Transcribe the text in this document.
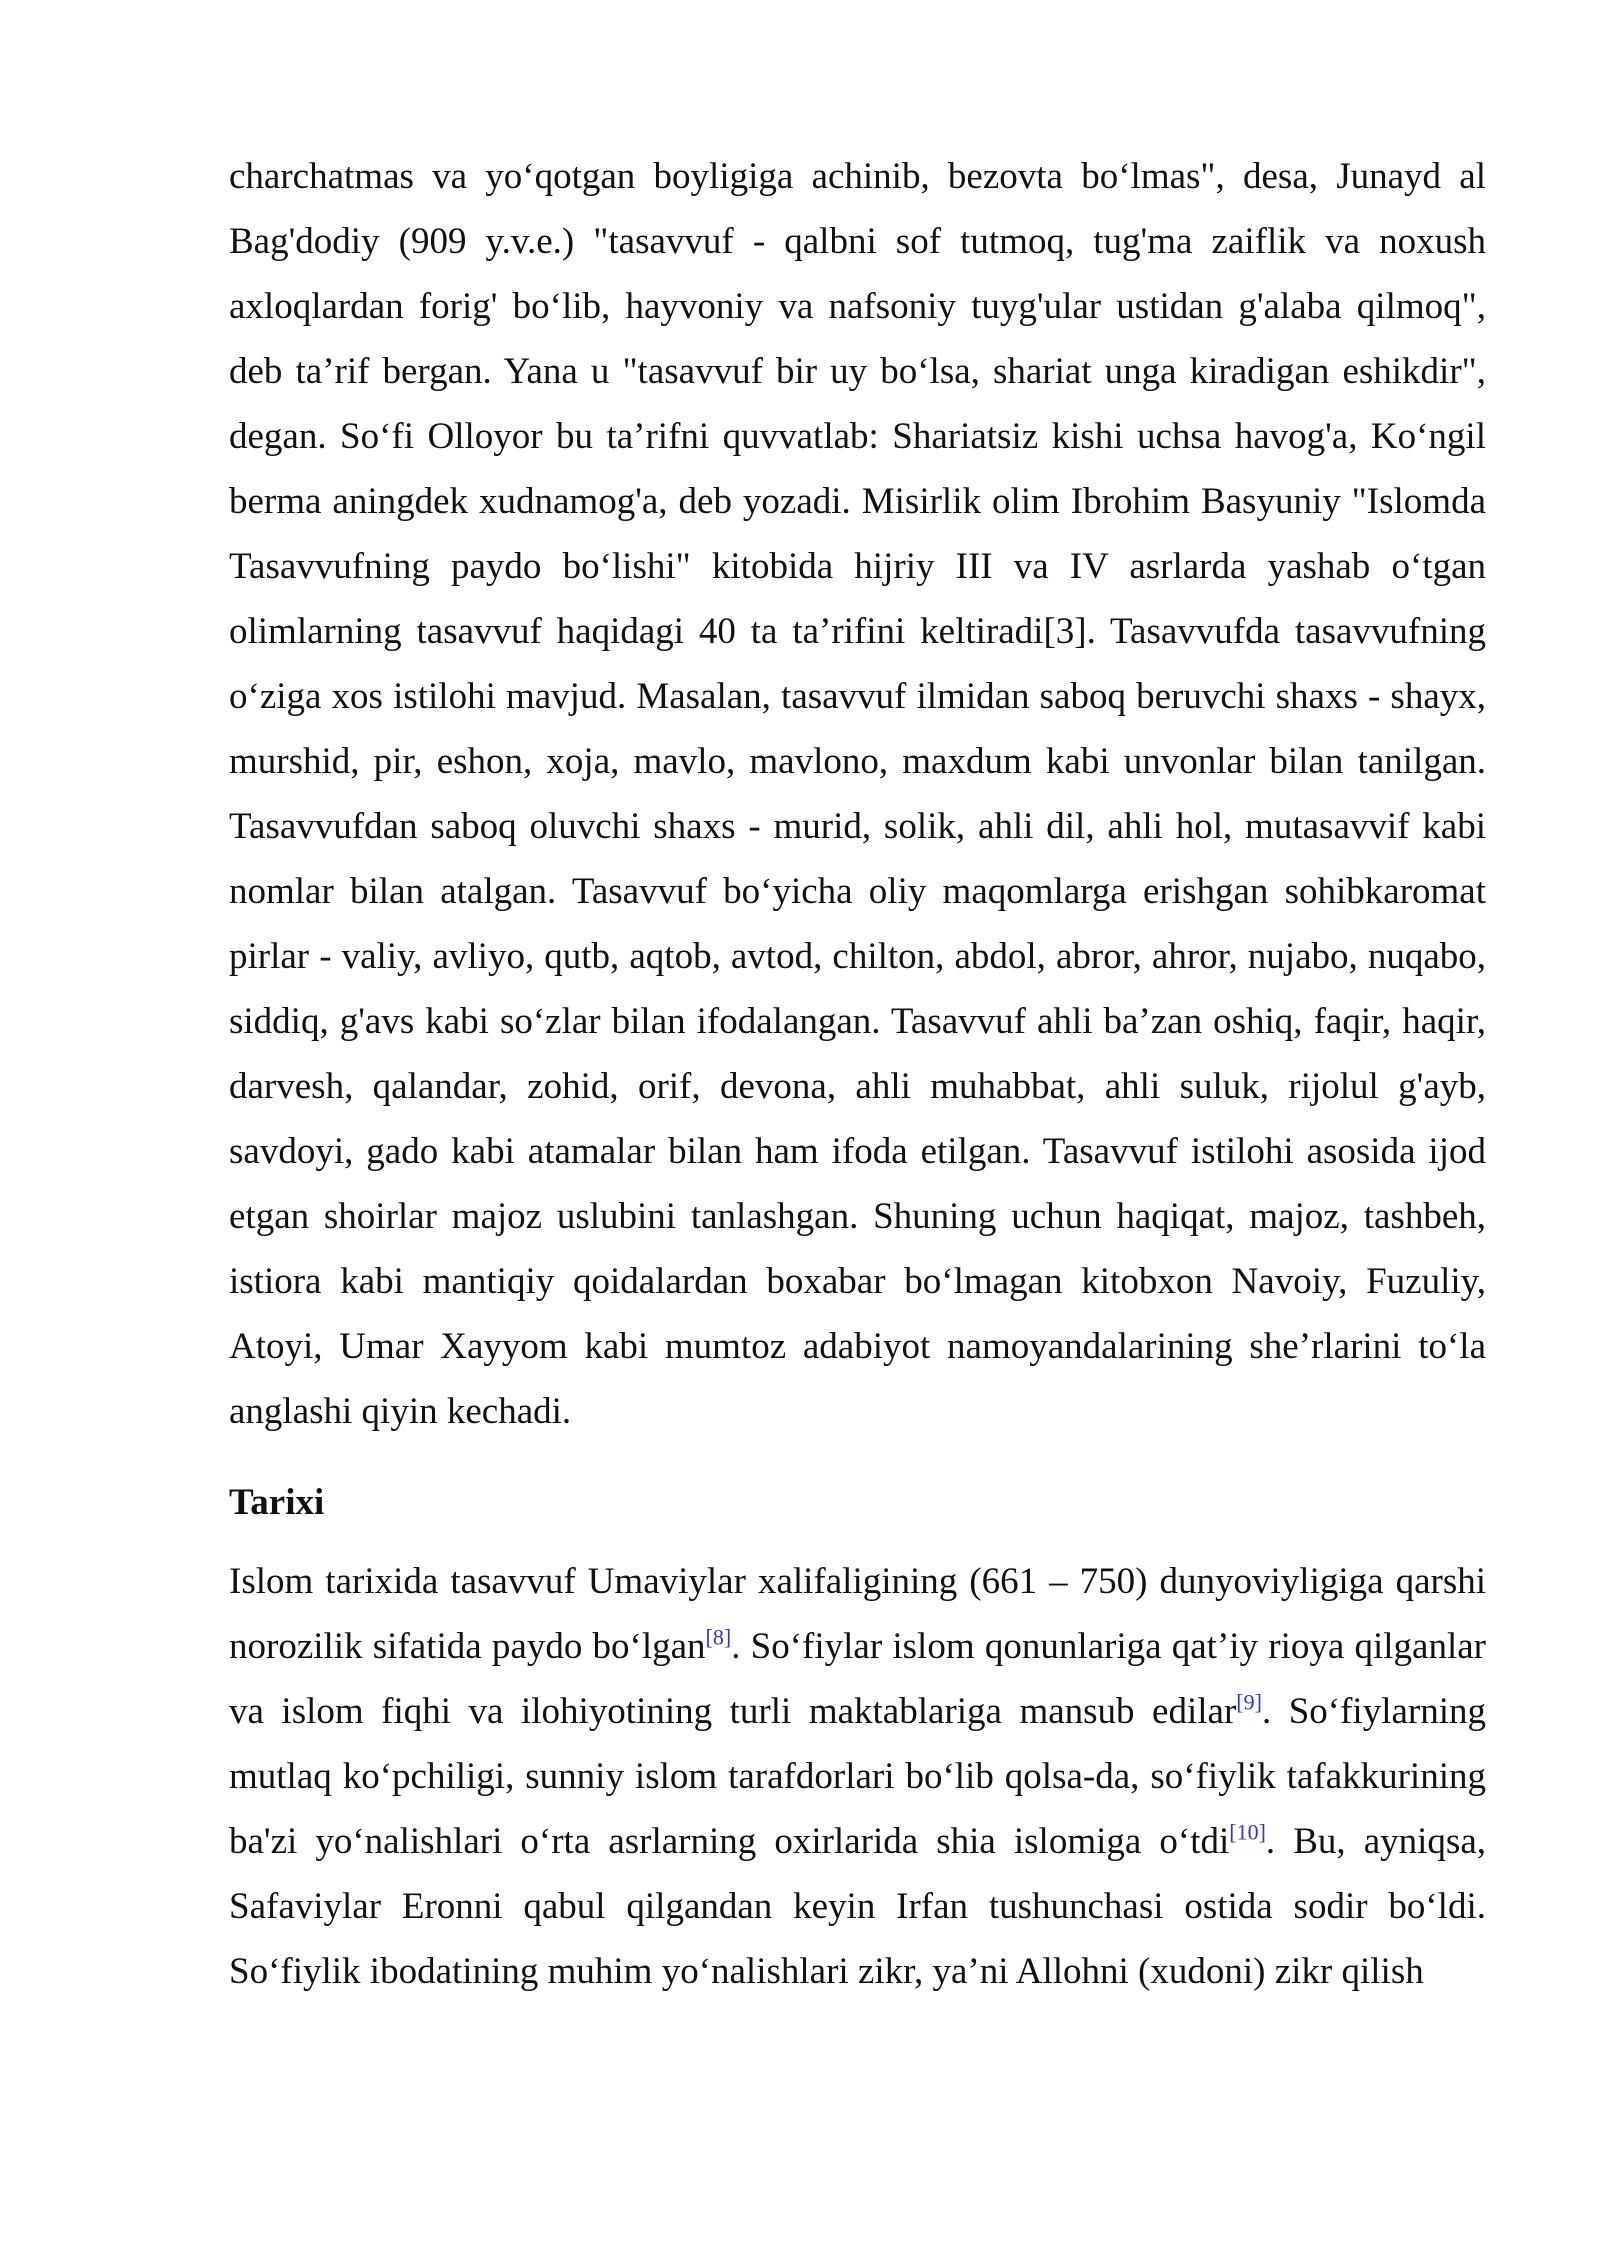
charchatmas va yo‘qotgan boyligiga achinib, bezovta bo‘lmas", desa, Junayd al Bag'dodiy (909 y.v.e.) "tasavvuf - qalbni sof tutmoq, tug'ma zaiflik va noxush axloqlardan forig' bo‘lib, hayvoniy va nafsoniy tuyg'ular ustidan g'alaba qilmoq", deb ta’rif bergan. Yana u "tasavvuf bir uy bo‘lsa, shariat unga kiradigan eshikdir", degan. So‘fi Olloyor bu ta’rifni quvvatlab: Shariatsiz kishi uchsa havog'a, Ko‘ngil berma aningdek xudnamog'a, deb yozadi. Misirlik olim Ibrohim Basyuniy "Islomda Tasavvufning paydo bo‘lishi" kitobida hijriy III va IV asrlarda yashab o‘tgan olimlarning tasavvuf haqidagi 40 ta ta’rifini keltiradi[3]. Tasavvufda tasavvufning o‘ziga xos istilohi mavjud. Masalan, tasavvuf ilmidan saboq beruvchi shaxs - shayx, murshid, pir, eshon, xoja, mavlo, mavlono, maxdum kabi unvonlar bilan tanilgan. Tasavvufdan saboq oluvchi shaxs - murid, solik, ahli dil, ahli hol, mutasavvif kabi nomlar bilan atalgan. Tasavvuf bo‘yicha oliy maqomlarga erishgan sohibkaromat pirlar - valiy, avliyo, qutb, aqtob, avtod, chilton, abdol, abror, ahror, nujabo, nuqabo, siddiq, g'avs kabi so‘zlar bilan ifodalangan. Tasavvuf ahli ba’zan oshiq, faqir, haqir, darvesh, qalandar, zohid, orif, devona, ahli muhabbat, ahli suluk, rijolul g'ayb, savdoyi, gado kabi atamalar bilan ham ifoda etilgan. Tasavvuf istilohi asosida ijod etgan shoirlar majoz uslubini tanlashgan. Shuning uchun haqiqat, majoz, tashbeh, istiora kabi mantiqiy qoidalardan boxabar bo‘lmagan kitobxon Navoiy, Fuzuliy, Atoyi, Umar Xayyom kabi mumtoz adabiyot namoyandalarining she’rlarini to‘la anglashi qiyin kechadi.

Tarixi

Islom tarixida tasavvuf Umaviylar xalifaligining (661 – 750) dunyoviyligiga qarshi norozilik sifatida paydo bo‘lgan[8]. So‘fiylar islom qonunlariga qat’iy rioya qilganlar va islom fiqhi va ilohiyotining turli maktablariga mansub edilar[9]. So‘fiylarning mutlaq ko‘pchiligi, sunniy islom tarafdorlari bo‘lib qolsa-da, so‘fiylik tafakkurining ba'zi yo‘nalishlari o‘rta asrlarning oxirlarida shia islomiga o‘tdi[10]. Bu, ayniqsa, Safaviylar Eronni qabul qilgandan keyin Irfan tushunchasi ostida sodir bo‘ldi. So‘fiylik ibodatining muhim yo‘nalishlari zikr, ya’ni Allohni (xudoni) zikr qilish
